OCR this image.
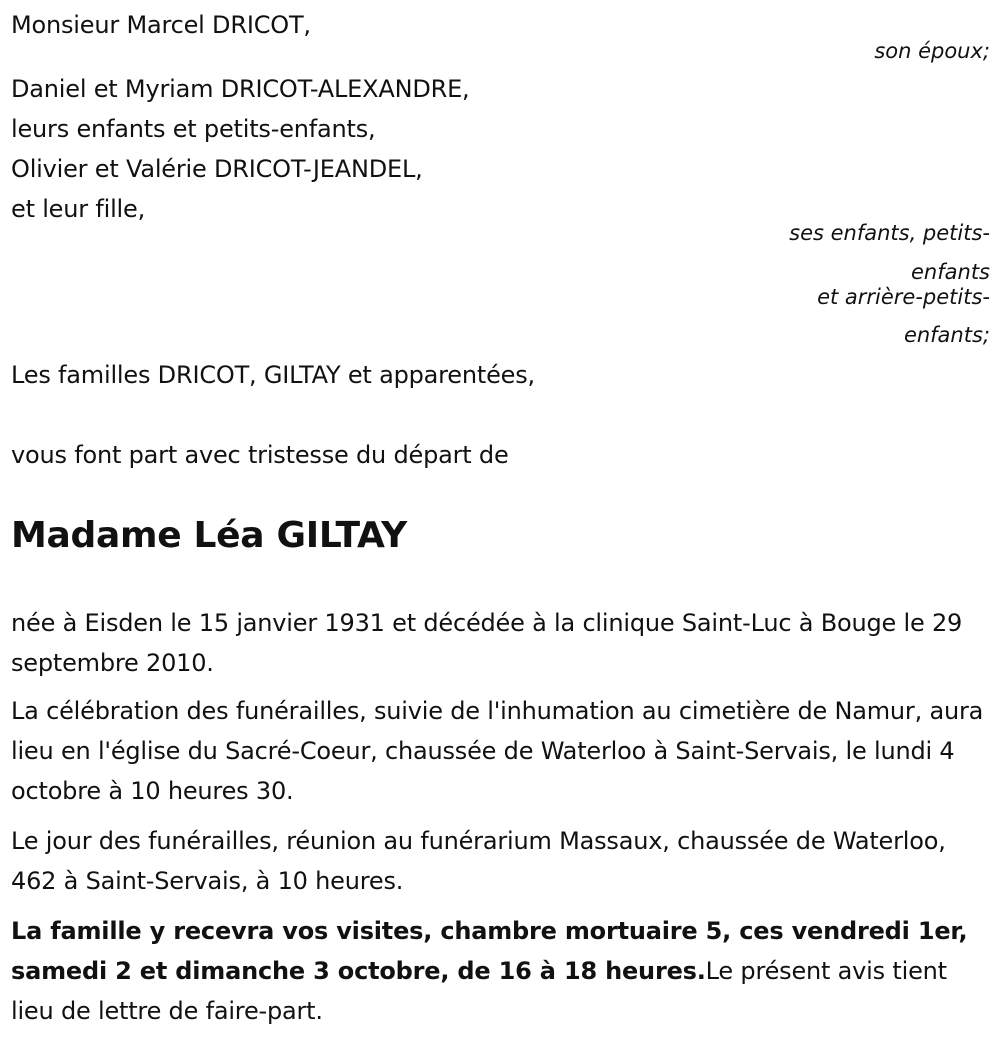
Monsieur Marcel DRICOT,
son époux;
Daniel et Myriam DRICOT-ALEXANDRE,
leurs enfants et petits-enfants,
Olivier et Valérie DRICOT-JEANDEL,
et leur fille,
ses enfants, petits-
enfants
et arrière-petits-
enfants;
Les familles DRICOT, GILTAY et apparentées,
vous font part avec tristesse du départ de
Madame Léa GILTAY
née à Eisden le 15 janvier 1931 et décédée à la clinique Saint-Luc à Bouge le 29 septembre 2010.
La célébration des funérailles, suivie de l'inhumation au cimetière de Namur, aura lieu en l'église du Sacré-Coeur, chaussée de Waterloo à Saint-Servais, le lundi 4 octobre à 10 heures 30.
Le jour des funérailles, réunion au funérarium Massaux, chaussée de Waterloo, 462 à Saint-Servais, à 10 heures.
La famille y recevra vos visites, chambre mortuaire 5, ces vendredi 1er, samedi 2 et dimanche 3 octobre, de 16 à 18 heures.Le présent avis tient lieu de lettre de faire-part.
